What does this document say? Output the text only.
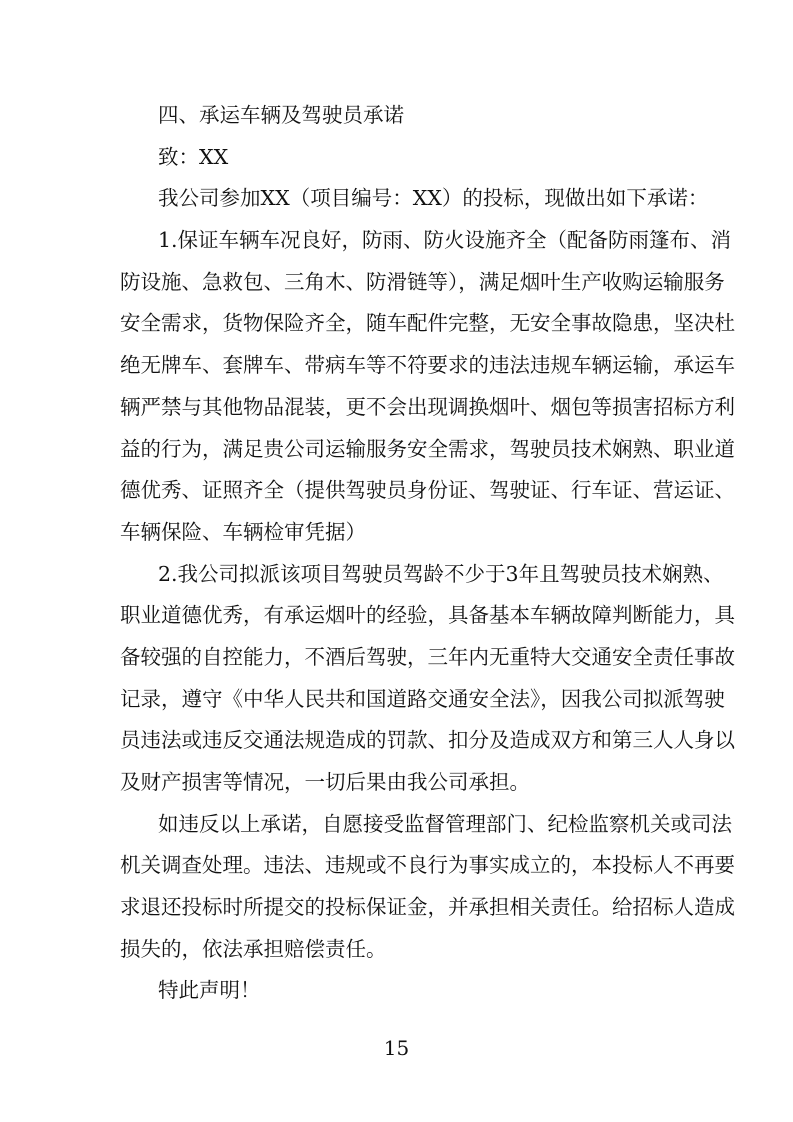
四、承运车辆及驾驶员承诺
致：XX
我公司参加XX（项目编号：XX）的投标，现做出如下承诺：
1.保证车辆车况良好，防雨、防火设施齐全（配备防雨篷布、消
防设施、急救包、三角木、防滑链等），满足烟叶生产收购运输服务
安全需求，货物保险齐全，随车配件完整，无安全事故隐患，坚决杜
绝无牌车、套牌车、带病车等不符要求的违法违规车辆运输，承运车
辆严禁与其他物品混装，更不会出现调换烟叶、烟包等损害招标方利
益的行为，满足贵公司运输服务安全需求，驾驶员技术娴熟、职业道
德优秀、证照齐全（提供驾驶员身份证、驾驶证、行车证、营运证、
车辆保险、车辆检审凭据）
2.我公司拟派该项目驾驶员驾龄不少于3年且驾驶员技术娴熟、
职业道德优秀，有承运烟叶的经验，具备基本车辆故障判断能力，具
备较强的自控能力，不酒后驾驶，三年内无重特大交通安全责任事故
记录，遵守《中华人民共和国道路交通安全法》，因我公司拟派驾驶
员违法或违反交通法规造成的罚款、扣分及造成双方和第三人人身以
及财产损害等情况，一切后果由我公司承担。
如违反以上承诺，自愿接受监督管理部门、纪检监察机关或司法
机关调查处理。违法、违规或不良行为事实成立的，本投标人不再要
求退还投标时所提交的投标保证金，并承担相关责任。给招标人造成
损失的，依法承担赔偿责任。
特此声明！
15
